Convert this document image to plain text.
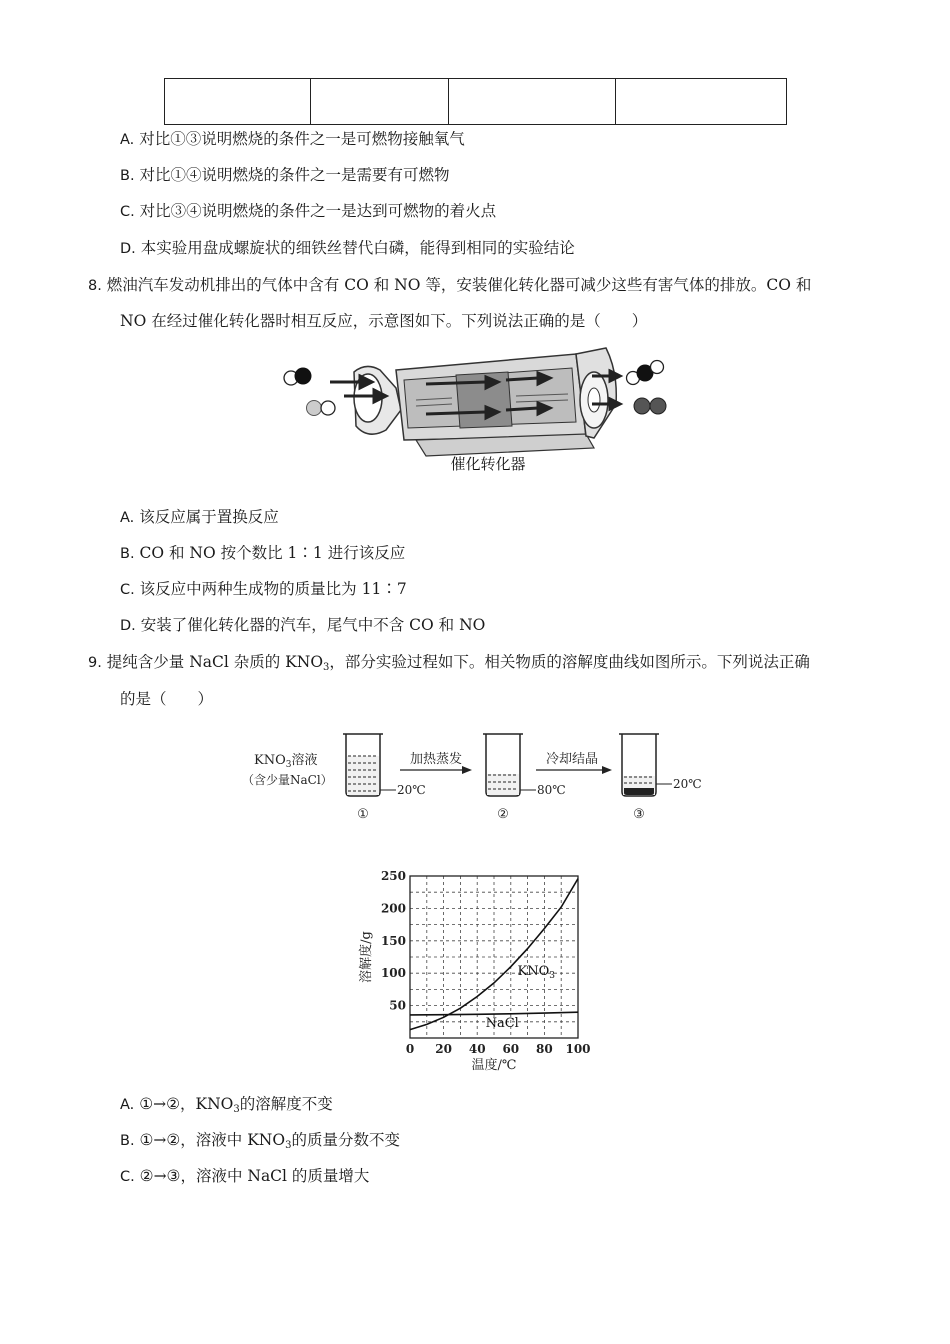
A. 对比①③说明燃烧的条件之一是可燃物接触氧气
B. 对比①④说明燃烧的条件之一是需要有可燃物
C. 对比③④说明燃烧的条件之一是达到可燃物的着火点
D. 本实验用盘成螺旋状的细铁丝替代白磷，能得到相同的实验结论
8. 燃油汽车发动机排出的气体中含有 CO 和 NO 等，安装催化转化器可减少这些有害气体的排放。CO 和
NO 在经过催化转化器时相互反应，示意图如下。下列说法正确的是（　　）
催化转化器
A. 该反应属于置换反应
B. CO 和 NO 按个数比 1∶1 进行该反应
C. 该反应中两种生成物的质量比为 11∶7
D. 安装了催化转化器的汽车，尾气中不含 CO 和 NO
9. 提纯含少量 NaCl 杂质的 $KNO_3$，部分实验过程如下。相关物质的溶解度曲线如图所示。下列说法正确
的是（　　）
$KNO_3$溶液
（含少量NaCl）
20℃
①
加热蒸发
80℃
②
冷却结晶
20℃
③
0 20 40 60 80 100
50
100
150
200
250
$KNO_3$
NaCl
溶解度/g
温度/℃
A. ①→②，$KNO_3$的溶解度不变
B. ①→②，溶液中 $KNO_3$的质量分数不变
C. ②→③，溶液中 NaCl 的质量增大
